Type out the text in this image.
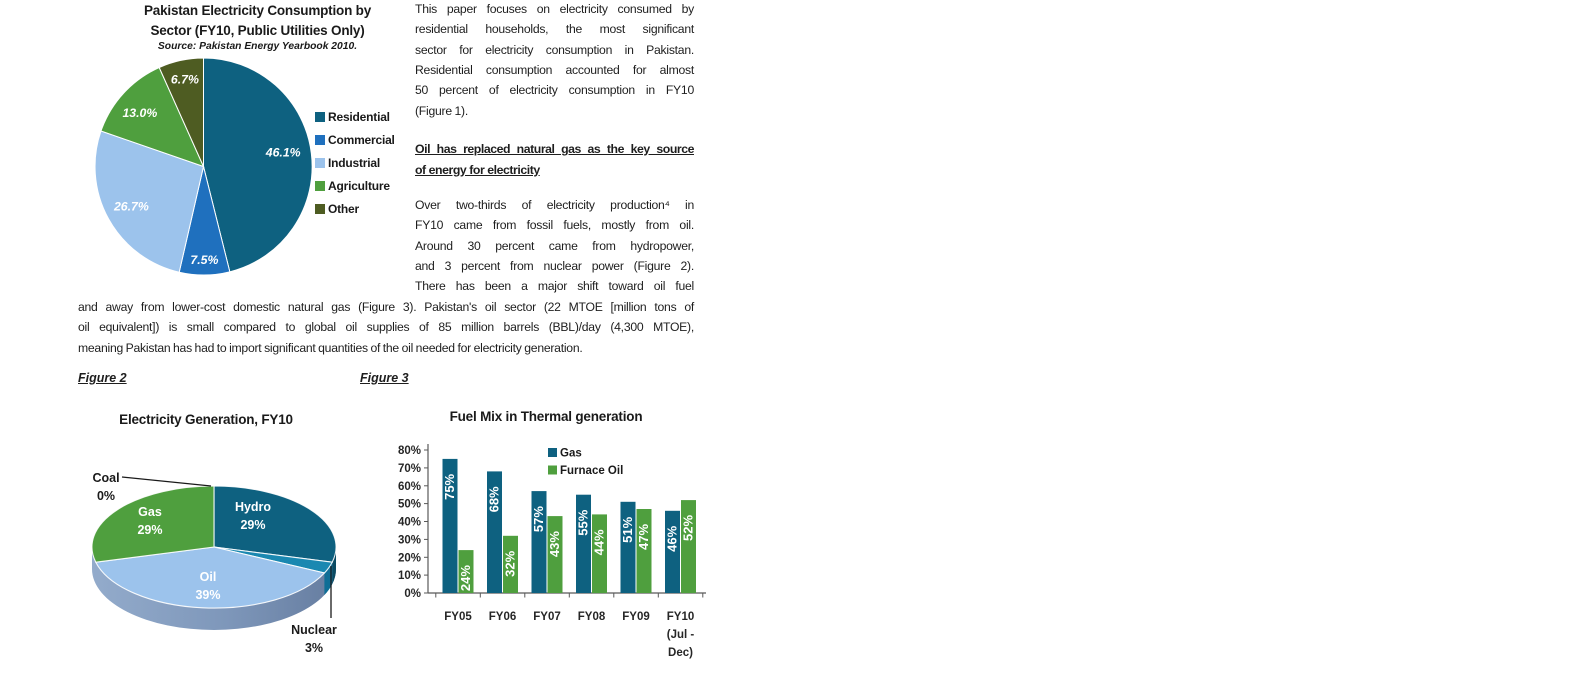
Pakistan Electricity Consumption by
Sector (FY10, Public Utilities Only)
Source: Pakistan Energy Yearbook 2010.
46.1%
7.5%
26.7%
13.0%
6.7%
Residential
Commercial
Industrial
Agriculture
Other
This paper focuses on electricity consumed by
residential households, the most significant
sector for electricity consumption in Pakistan.
Residential consumption accounted for almost
50 percent of electricity consumption in FY10
(Figure 1).
Oil has replaced natural gas as the key source
of energy for electricity
Over two-thirds of electricity production⁴ in
FY10 came from fossil fuels, mostly from oil.
Around 30 percent came from hydropower,
and 3 percent from nuclear power (Figure 2).
There has been a major shift toward oil fuel
and away from lower-cost domestic natural gas (Figure 3). Pakistan's oil sector (22 MTOE [million tons of
oil equivalent]) is small compared to global oil supplies of 85 million barrels (BBL)/day (4,300 MTOE),
meaning Pakistan has had to import significant quantities of the oil needed for electricity generation.
Figure 2	Figure 3
Electricity Generation, FY10
Hydro
29%
Nuclear
3%
Oil
39%
Gas
29%
Coal
0%
Fuel Mix in Thermal generation
0%
10%
20%
30%
40%
50%
60%
70%
80%
75% 68%
57% 55% 51% 46%
24%
32%
43% 44% 47% 52%
FY05 FY06 FY07 FY08 FY09 FY10
(Jul -
Dec)
Gas
Furnace Oil
